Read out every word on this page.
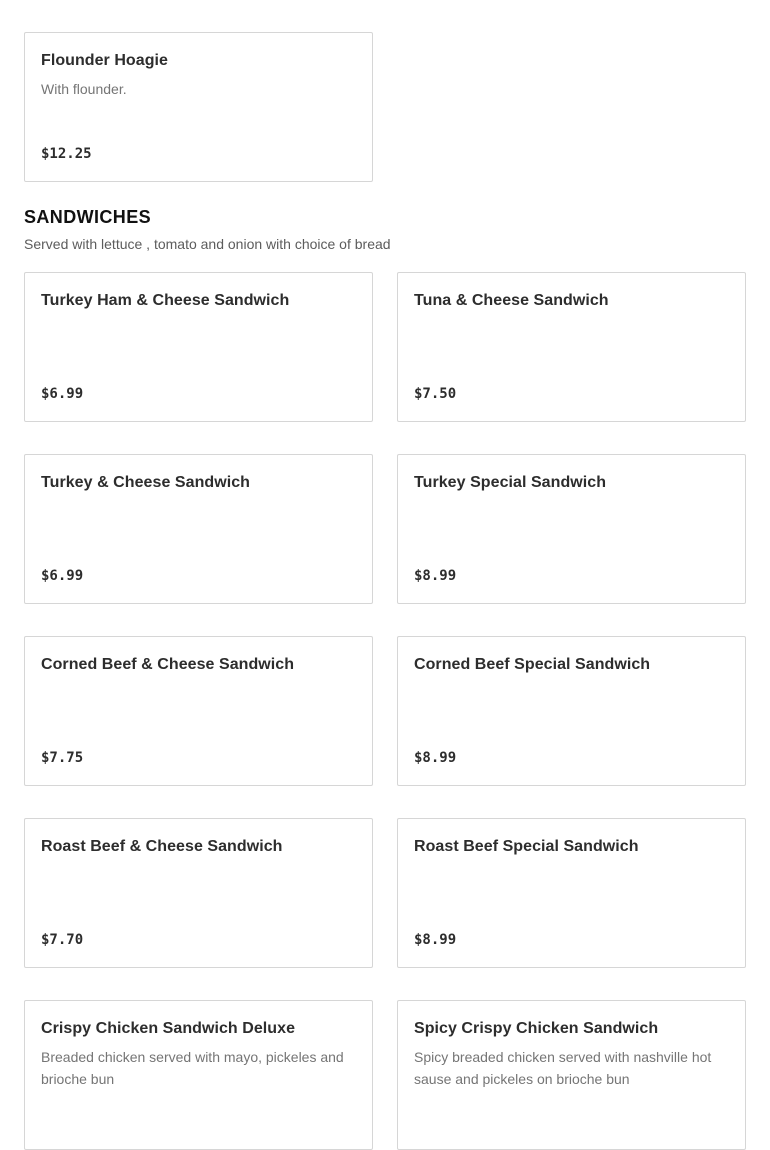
Flounder Hoagie
With flounder.
$12.25
SANDWICHES

Served with lettuce , tomato and onion with choice of bread

Turkey Ham & Cheese Sandwich
$6.99
Tuna & Cheese Sandwich
$7.50
Turkey & Cheese Sandwich
$6.99
Turkey Special Sandwich
$8.99
Corned Beef & Cheese Sandwich
$7.75
Corned Beef Special Sandwich
$8.99
Roast Beef & Cheese Sandwich
$7.70
Roast Beef Special Sandwich
$8.99
Crispy Chicken Sandwich Deluxe
Breaded chicken served with mayo, pickeles and brioche bun
Spicy Crispy Chicken Sandwich
Spicy breaded chicken served with nashville hot sause and pickeles on brioche bun
